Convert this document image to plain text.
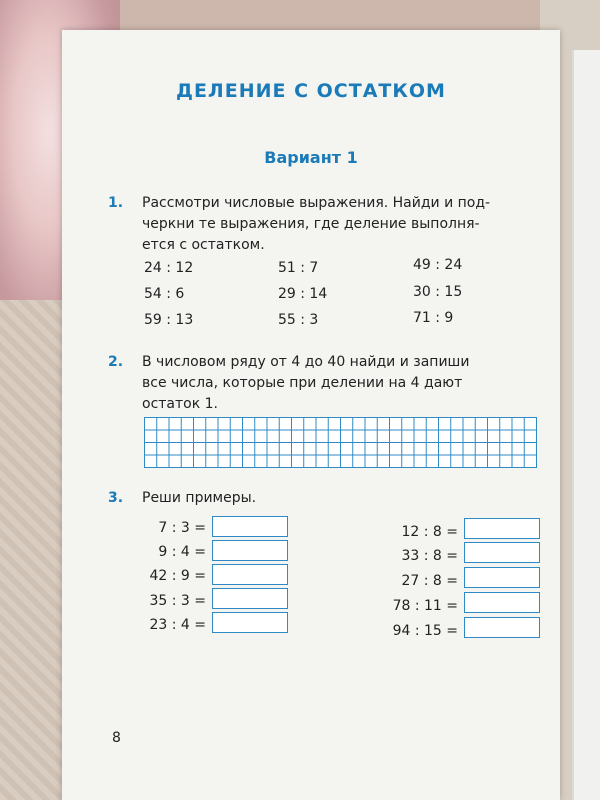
ДЕЛЕНИЕ С ОСТАТКОМ
Вариант 1
1. Рассмотри числовые выражения. Найди и под-
черкни те выражения, где деление выполня-
ется с остатком.
24 : 12	51 : 7	49 : 24
54 : 6	29 : 14	30 : 15
59 : 13	55 : 3	71 : 9
2. В числовом ряду от 4 до 40 найди и запиши
все числа, которые при делении на 4 дают
остаток 1.
3. Реши примеры.
7 : 3 =
9 : 4 =
42 : 9 =
35 : 3 =
23 : 4 =
12 : 8 =
33 : 8 =
27 : 8 =
78 : 11 =
94 : 15 =
8
